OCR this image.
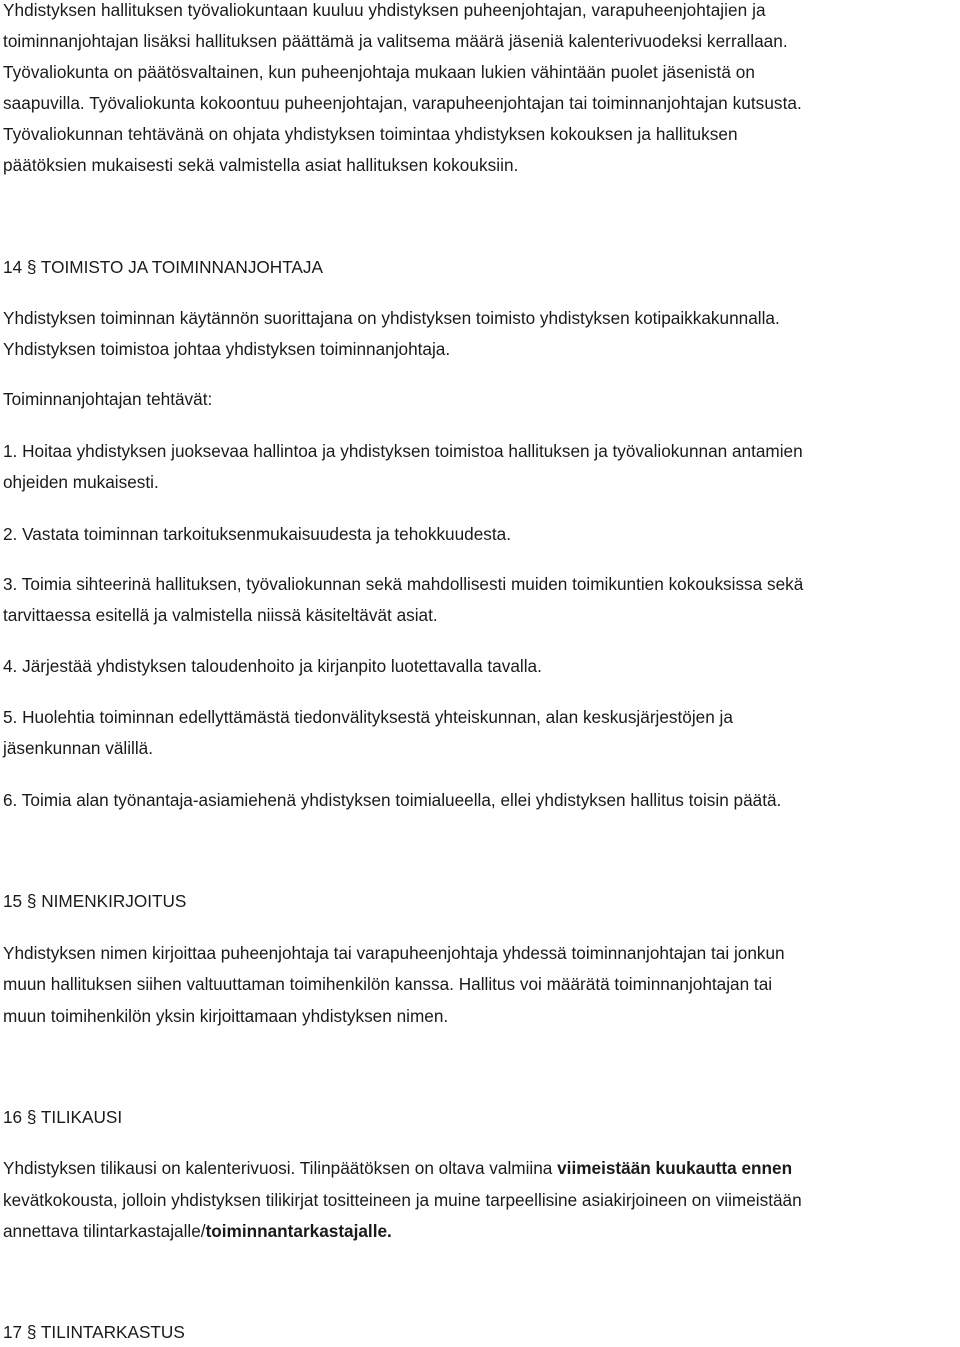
Yhdistyksen hallituksen työvaliokuntaan kuuluu yhdistyksen puheenjohtajan, varapuheenjohtajien ja

toiminnanjohtajan lisäksi hallituksen päättämä ja valitsema määrä jäseniä kalenterivuodeksi kerrallaan.

Työvaliokunta on päätösvaltainen, kun puheenjohtaja mukaan lukien vähintään puolet jäsenistä on

saapuvilla. Työvaliokunta kokoontuu puheenjohtajan, varapuheenjohtajan tai toiminnanjohtajan kutsusta.

Työvaliokunnan tehtävänä on ohjata yhdistyksen toimintaa yhdistyksen kokouksen ja hallituksen

päätöksien mukaisesti sekä valmistella asiat hallituksen kokouksiin.

14 § TOIMISTO JA TOIMINNANJOHTAJA

Yhdistyksen toiminnan käytännön suorittajana on yhdistyksen toimisto yhdistyksen kotipaikkakunnalla.

Yhdistyksen toimistoa johtaa yhdistyksen toiminnanjohtaja.

Toiminnanjohtajan tehtävät:

1. Hoitaa yhdistyksen juoksevaa hallintoa ja yhdistyksen toimistoa hallituksen ja työvaliokunnan antamien

ohjeiden mukaisesti.

2. Vastata toiminnan tarkoituksenmukaisuudesta ja tehokkuudesta.

3. Toimia sihteerinä hallituksen, työvaliokunnan sekä mahdollisesti muiden toimikuntien kokouksissa sekä

tarvittaessa esitellä ja valmistella niissä käsiteltävät asiat.

4. Järjestää yhdistyksen taloudenhoito ja kirjanpito luotettavalla tavalla.

5. Huolehtia toiminnan edellyttämästä tiedonvälityksestä yhteiskunnan, alan keskusjärjestöjen ja

jäsenkunnan välillä.

6. Toimia alan työnantaja-asiamiehenä yhdistyksen toimialueella, ellei yhdistyksen hallitus toisin päätä.

15 § NIMENKIRJOITUS

Yhdistyksen nimen kirjoittaa puheenjohtaja tai varapuheenjohtaja yhdessä toiminnanjohtajan tai jonkun

muun hallituksen siihen valtuuttaman toimihenkilön kanssa. Hallitus voi määrätä toiminnanjohtajan tai

muun toimihenkilön yksin kirjoittamaan yhdistyksen nimen.

16 § TILIKAUSI

Yhdistyksen tilikausi on kalenterivuosi. Tilinpäätöksen on oltava valmiina viimeistään kuukautta ennen

kevätkokousta, jolloin yhdistyksen tilikirjat tositteineen ja muine tarpeellisine asiakirjoineen on viimeistään

annettava tilintarkastajalle/toiminnantarkastajalle.

17 § TILINTARKASTUS
